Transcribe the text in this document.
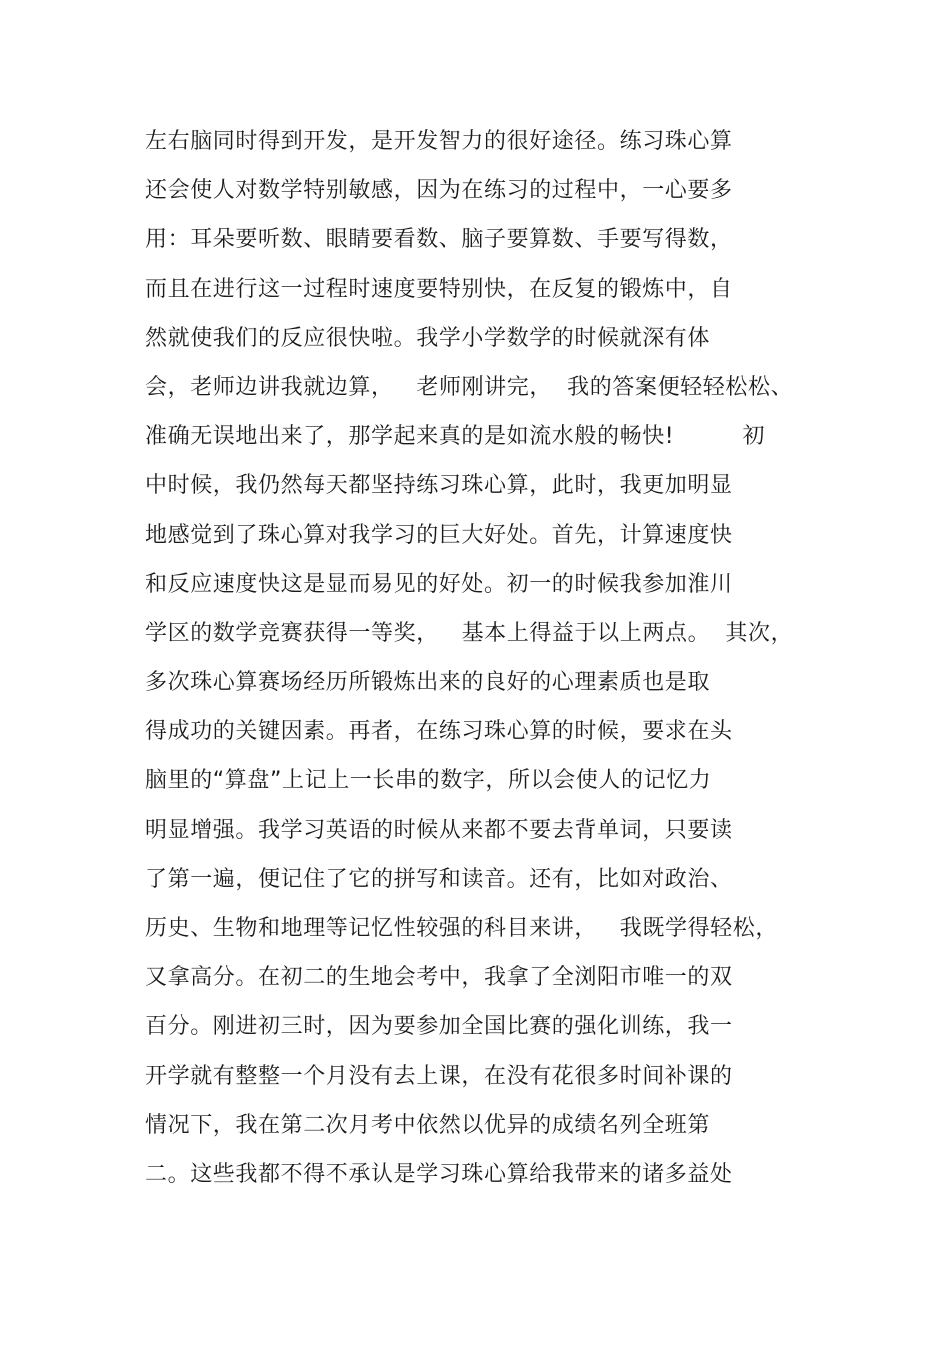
左右脑同时得到开发，是开发智力的很好途径。练习珠心算
还会使人对数学特别敏感，因为在练习的过程中，一心要多
用：耳朵要听数、眼睛要看数、脑子要算数、手要写得数，
而且在进行这一过程时速度要特别快，在反复的锻炼中，自
然就使我们的反应很快啦。我学小学数学的时候就深有体
会，老师边讲我就边算，   老师刚讲完，  我的答案便轻轻松松、
准确无误地出来了，那学起来真的是如流水般的畅快!         初
中时候，我仍然每天都坚持练习珠心算，此时，我更加明显
地感觉到了珠心算对我学习的巨大好处。首先，计算速度快
和反应速度快这是显而易见的好处。初一的时候我参加淮川
学区的数学竞赛获得一等奖，   基本上得益于以上两点。  其次，
多次珠心算赛场经历所锻炼出来的良好的心理素质也是取
得成功的关键因素。再者，在练习珠心算的时候，要求在头
脑里的“算盘”上记上一长串的数字，所以会使人的记忆力
明显增强。我学习英语的时候从来都不要去背单词，只要读
了第一遍，便记住了它的拼写和读音。还有，比如对政治、
历史、生物和地理等记忆性较强的科目来讲，   我既学得轻松，
又拿高分。在初二的生地会考中，我拿了全浏阳市唯一的双
百分。刚进初三时，因为要参加全国比赛的强化训练，我一
开学就有整整一个月没有去上课，在没有花很多时间补课的
情况下，我在第二次月考中依然以优异的成绩名列全班第
二。这些我都不得不承认是学习珠心算给我带来的诸多益处
